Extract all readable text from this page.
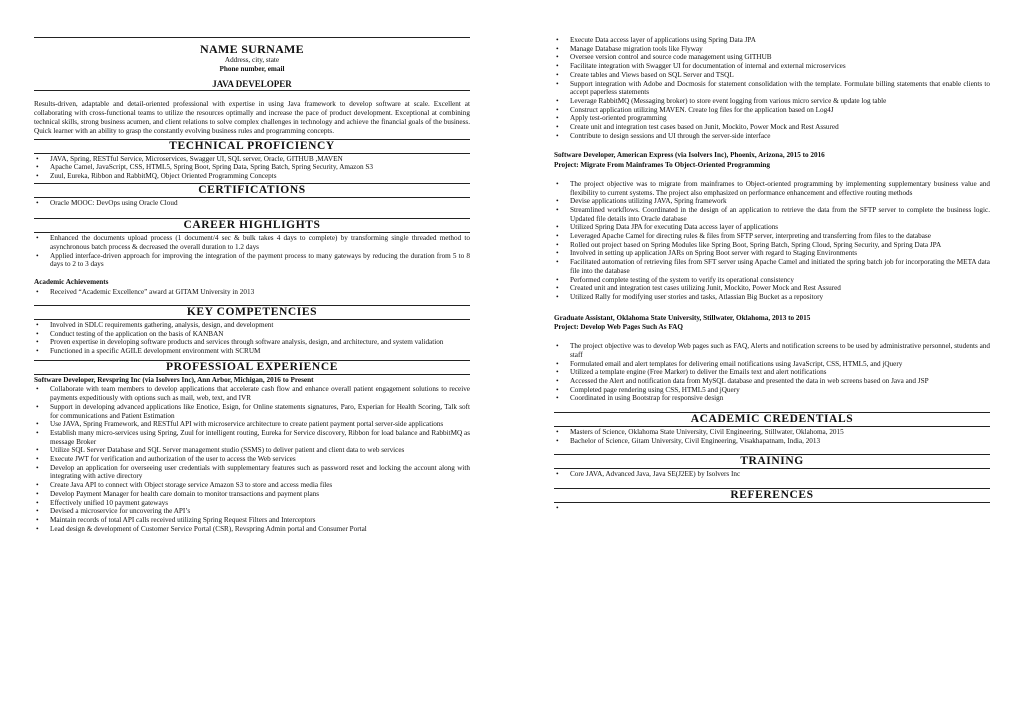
NAME SURNAME
Address, city, state
Phone number, email
JAVA DEVELOPER
Results-driven, adaptable and detail-oriented professional with expertise in using Java framework to develop software at scale. Excellent at collaborating with cross-functional teams to utilize the resources optimally and increase the pace of product development. Exceptional at combining technical skills, strong business acumen, and client relations to solve complex challenges in technology and achieve the financial goals of the business. Quick learner with an ability to grasp the constantly evolving business rules and programming concepts.
TECHNICAL PROFICIENCY
• JAVA, Spring, RESTful Service, Microservices, Swagger UI, SQL server, Oracle, GITHUB ,MAVEN
• Apache Camel, JavaScript, CSS, HTML5, Spring Boot, Spring Data, Spring Batch, Spring Security, Amazon S3
• Zuul, Eureka, Ribbon and RabbitMQ, Object Oriented Programming Concepts
CERTIFICATIONS
• Oracle MOOC: DevOps using Oracle Cloud
CAREER HIGHLIGHTS
• Enhanced the documents upload process (1 document/4 sec & bulk takes 4 days to complete) by transforming single threaded method to asynchronous batch process & decreased the overall duration to 1.2 days
• Applied interface-driven approach for improving the integration of the payment process to many gateways by reducing the duration from 5 to 8 days to 2 to 3 days
Academic Achievements
• Received “Academic Excellence” award at GITAM University in 2013
KEY COMPETENCIES
• Involved in SDLC requirements gathering, analysis, design, and development
• Conduct testing of the application on the basis of KANBAN
• Proven expertise in developing software products and services through software analysis, design, and architecture, and system validation
• Functioned in a specific AGILE development environment with SCRUM
PROFESSIOAL EXPERIENCE
Software Developer, Revspring Inc (via Isolvers Inc), Ann Arbor, Michigan, 2016 to Present
• Collaborate with team members to develop applications that accelerate cash flow and enhance overall patient engagement solutions to receive payments expeditiously with options such as mail, web, text, and IVR
• Support in developing advanced applications like Enotice, Esign, for Online statements signatures, Paro, Experian for Health Scoring, Talk soft for communications and Patient Estimation
• Use JAVA, Spring Framework, and RESTful API with microservice architecture to create patient payment portal server-side applications
• Establish many micro-services using Spring, Zuul for intelligent routing, Eureka for Service discovery, Ribbon for load balance and RabbitMQ as message Broker
• Utilize SQL Server Database and SQL Server management studio (SSMS) to deliver patient and client data to web services
• Execute JWT for verification and authorization of the user to access the Web services
• Develop an application for overseeing user credentials with supplementary features such as password reset and locking the account along with integrating with active directory
• Create Java API to connect with Object storage service Amazon S3 to store and access media files
• Develop Payment Manager for health care domain to monitor transactions and payment plans
• Effectively unified 10 payment gateways
• Devised a microservice for uncovering the API’s
• Maintain records of total API calls received utilizing Spring Request Filters and Interceptors
• Lead design & development of Customer Service Portal (CSR), Revspring Admin portal and Consumer Portal
• Execute Data access layer of applications using Spring Data JPA
• Manage Database migration tools like Flyway
• Oversee version control and source code management using GITHUB
• Facilitate integration with Swagger UI for documentation of internal and external microservices
• Create tables and Views based on SQL Server and TSQL
• Support integration with Adobe and Docmosis for statement consolidation with the template. Formulate billing statements that enable clients to accept paperless statements
• Leverage RabbitMQ (Messaging broker) to store event logging from various micro service & update log table
• Construct application utilizing MAVEN. Create log files for the application based on Log4J
• Apply test-oriented programming
• Create unit and integration test cases based on Junit, Mockito, Power Mock and Rest Assured
• Contribute to design sessions and UI through the server-side interface
Software Developer, American Express (via Isolvers Inc), Phoenix, Arizona, 2015 to 2016
Project: Migrate From Mainframes To Object-Oriented Programming
• The project objective was to migrate from mainframes to Object-oriented programming by implementing supplementary business value and flexibility to current systems. The project also emphasized on performance enhancement and effective routing methods
• Devise applications utilizing JAVA, Spring framework
• Streamlined workflows. Coordinated in the design of an application to retrieve the data from the SFTP server to complete the business logic. Updated file details into Oracle database
• Utilized Spring Data JPA for executing Data access layer of applications
• Leveraged Apache Camel for directing rules & files from SFTP server, interpreting and transferring from files to the database
• Rolled out project based on Spring Modules like Spring Boot, Spring Batch, Spring Cloud, Spring Security, and Spring Data JPA
• Involved in setting up application JARs on Spring Boot server with regard to Staging Environments
• Facilitated automation of retrieving files from SFT server using Apache Camel and initiated the spring batch job for incorporating the META data file into the database
• Performed complete testing of the system to verify its operational consistency
• Created unit and integration test cases utilizing Junit, Mockito, Power Mock and Rest Assured
• Utilized Rally for modifying user stories and tasks, Atlassian Big Bucket as a repository
Graduate Assistant, Oklahoma State University, Stillwater, Oklahoma, 2013 to 2015
Project: Develop Web Pages Such As FAQ
• The project objective was to develop Web pages such as FAQ, Alerts and notification screens to be used by administrative personnel, students and staff
• Formulated email and alert templates for delivering email notifications using JavaScript, CSS, HTML5, and jQuery
• Utilized a template engine (Free Marker) to deliver the Emails text and alert notifications
• Accessed the Alert and notification data from MySQL database and presented the data in web screens based on Java and JSP
• Completed page rendering using CSS, HTML5 and jQuery
• Coordinated in using Bootstrap for responsive design
ACADEMIC CREDENTIALS
• Masters of Science, Oklahoma State University, Civil Engineering, Stillwater, Oklahoma, 2015
• Bachelor of Science, Gitam University, Civil Engineering, Visakhapatnam, India, 2013
TRAINING
• Core JAVA, Advanced Java, Java SE(J2EE) by Isolvers Inc
REFERENCES
